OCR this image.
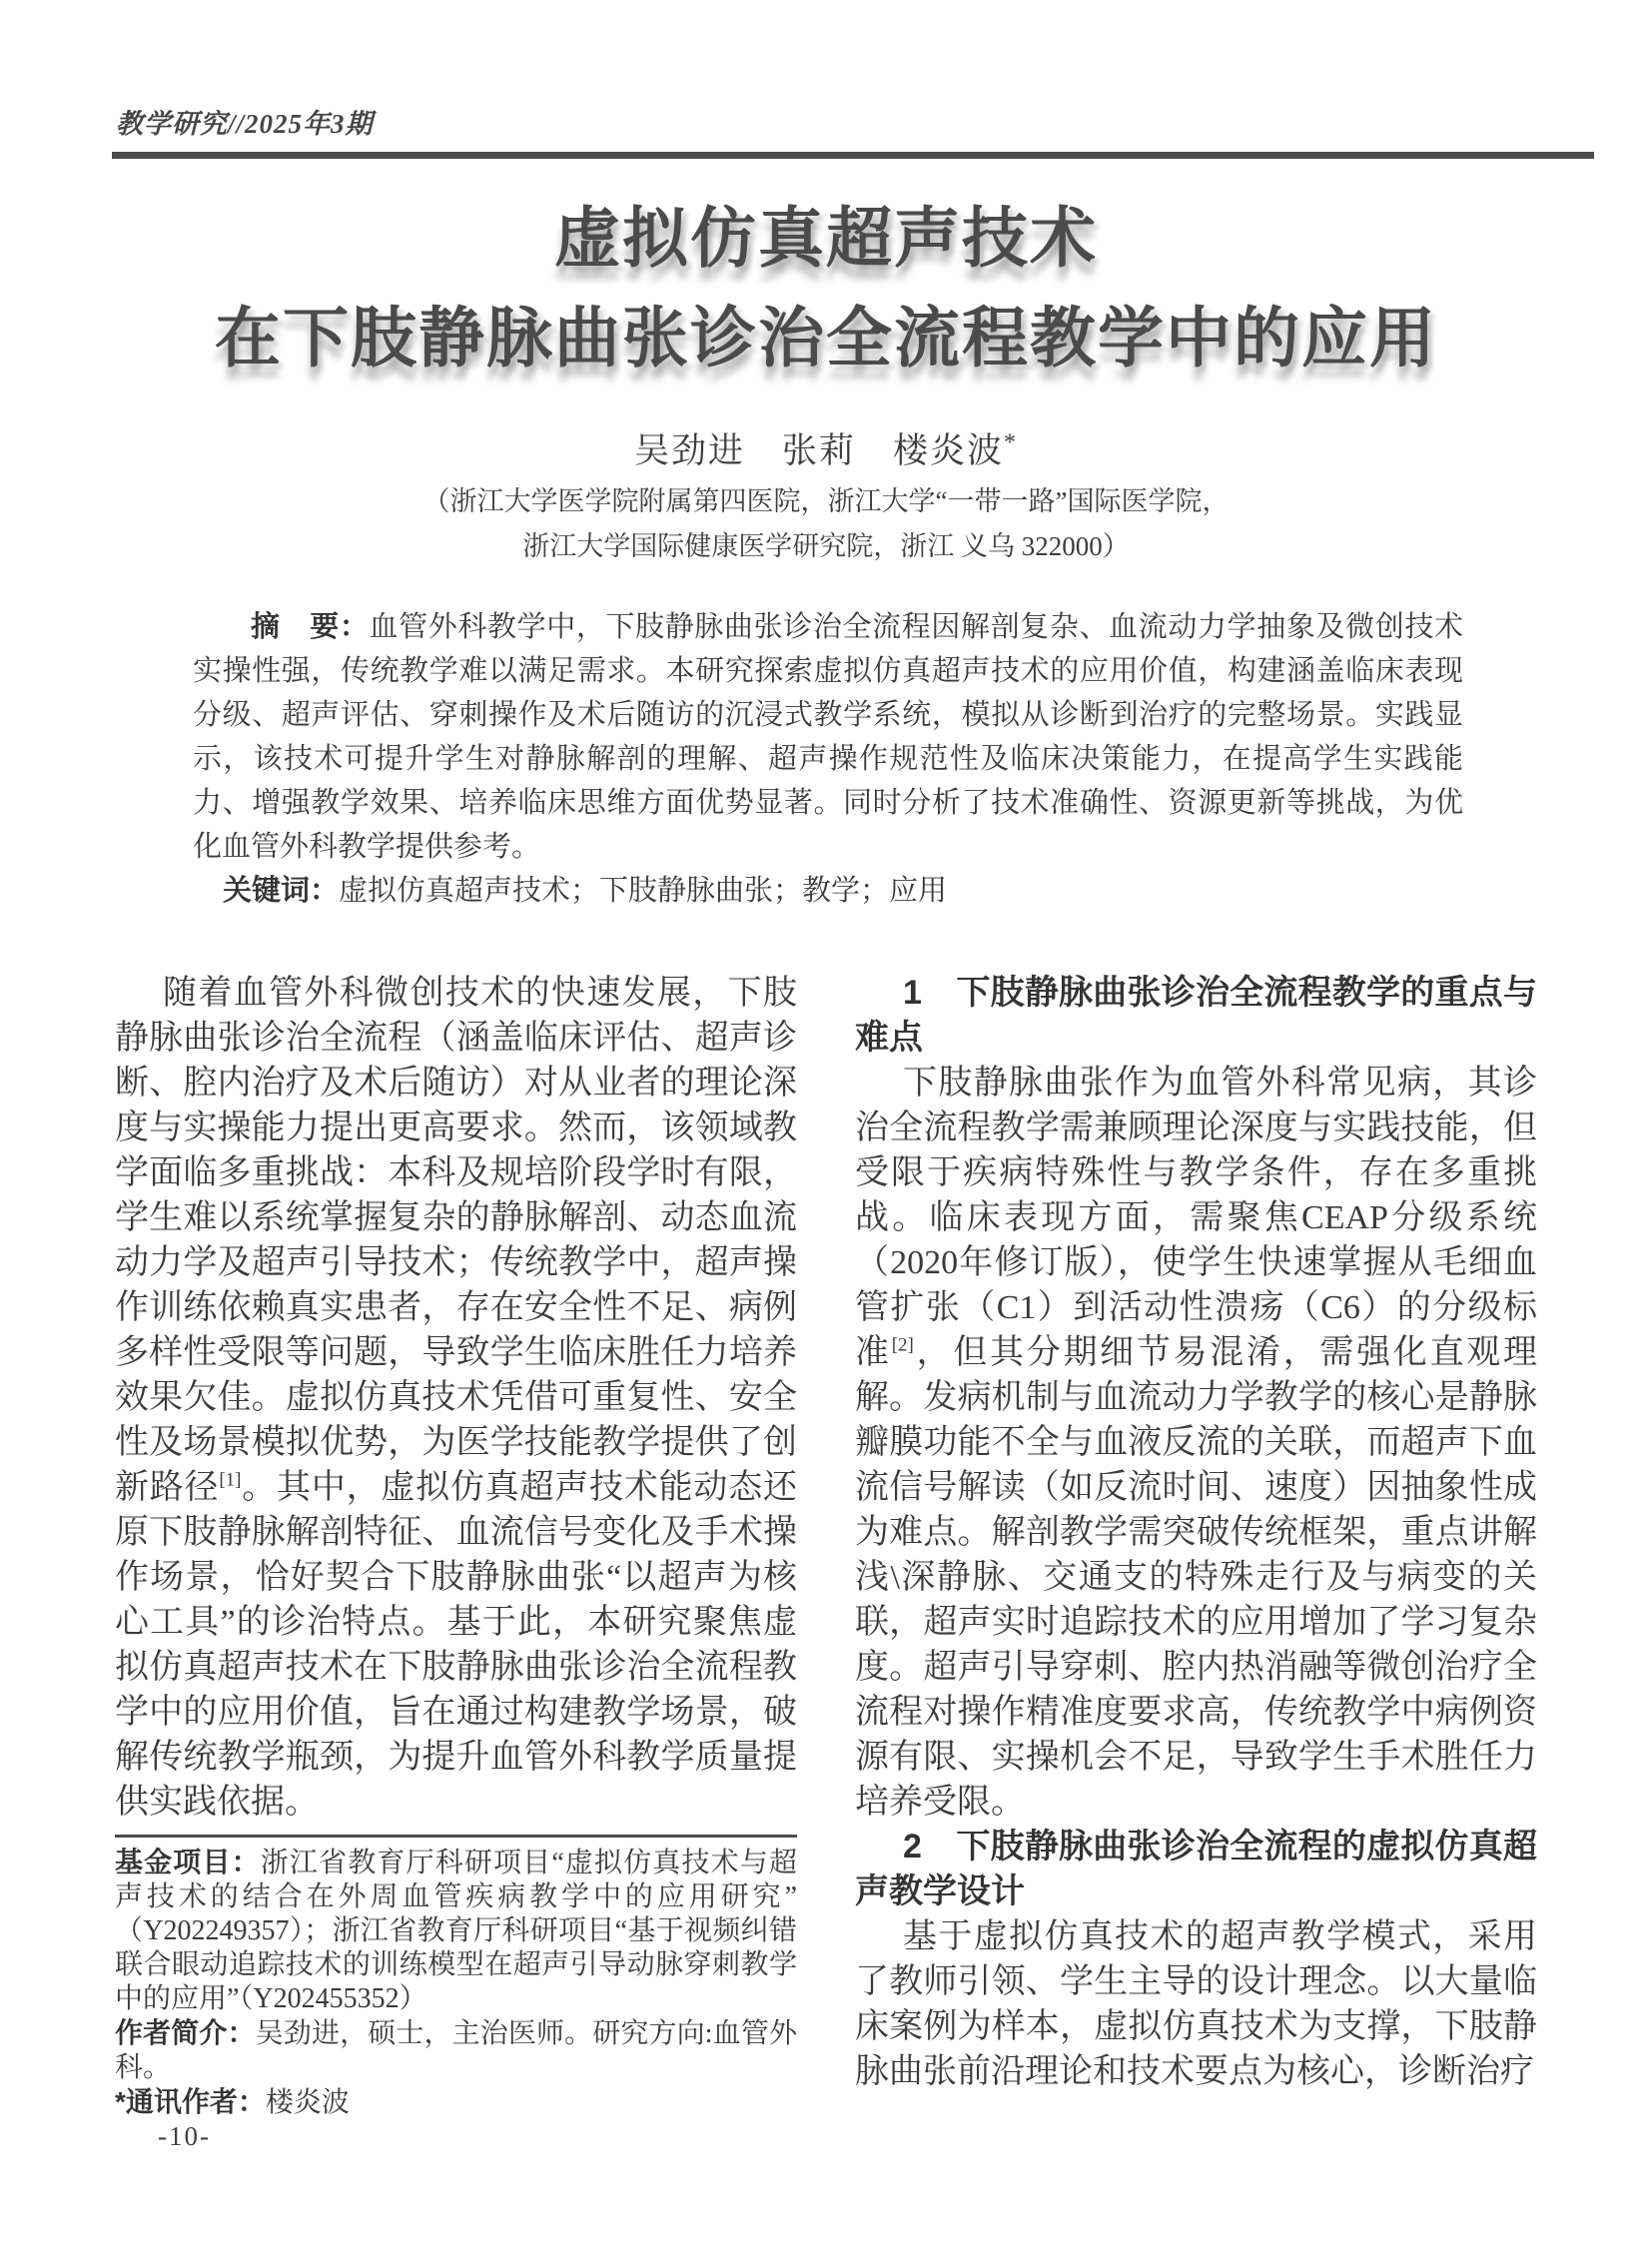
教学研究//2025年3期
虚拟仿真超声技术
在下肢静脉曲张诊治全流程教学中的应用
吴劲进　张莉　楼炎波*
（浙江大学医学院附属第四医院，浙江大学“一带一路”国际医学院，
浙江大学国际健康医学研究院，浙江 义乌 322000）

摘　要：血管外科教学中，下肢静脉曲张诊治全流程因解剖复杂、血流动力学抽象及微创技术实操性强，传统教学难以满足需求。本研究探索虚拟仿真超声技术的应用价值，构建涵盖临床表现分级、超声评估、穿刺操作及术后随访的沉浸式教学系统，模拟从诊断到治疗的完整场景。实践显示，该技术可提升学生对静脉解剖的理解、超声操作规范性及临床决策能力，在提高学生实践能力、增强教学效果、培养临床思维方面优势显著。同时分析了技术准确性、资源更新等挑战，为优化血管外科教学提供参考。

关键词：虚拟仿真超声技术；下肢静脉曲张；教学；应用

随着血管外科微创技术的快速发展，下肢静脉曲张诊治全流程（涵盖临床评估、超声诊断、腔内治疗及术后随访）对从业者的理论深度与实操能力提出更高要求。然而，该领域教学面临多重挑战：本科及规培阶段学时有限，学生难以系统掌握复杂的静脉解剖、动态血流动力学及超声引导技术；传统教学中，超声操作训练依赖真实患者，存在安全性不足、病例多样性受限等问题，导致学生临床胜任力培养效果欠佳。虚拟仿真技术凭借可重复性、安全性及场景模拟优势，为医学技能教学提供了创新路径[1]。其中，虚拟仿真超声技术能动态还原下肢静脉解剖特征、血流信号变化及手术操作场景，恰好契合下肢静脉曲张“以超声为核心工具”的诊治特点。基于此，本研究聚焦虚拟仿真超声技术在下肢静脉曲张诊治全流程教学中的应用价值，旨在通过构建教学场景，破解传统教学瓶颈，为提升血管外科教学质量提供实践依据。

基金项目：浙江省教育厅科研项目“虚拟仿真技术与超声技术的结合在外周血管疾病教学中的应用研究”（Y202249357）；浙江省教育厅科研项目“基于视频纠错联合眼动追踪技术的训练模型在超声引导动脉穿刺教学中的应用”（Y202455352）

作者简介：吴劲进，硕士，主治医师。研究方向:血管外科。

*通讯作者：楼炎波

1　下肢静脉曲张诊治全流程教学的重点与难点

下肢静脉曲张作为血管外科常见病，其诊治全流程教学需兼顾理论深度与实践技能，但受限于疾病特殊性与教学条件，存在多重挑战。临床表现方面，需聚焦CEAP分级系统（2020年修订版），使学生快速掌握从毛细血管扩张（C1）到活动性溃疡（C6）的分级标准[2]，但其分期细节易混淆，需强化直观理解。发病机制与血流动力学教学的核心是静脉瓣膜功能不全与血液反流的关联，而超声下血流信号解读（如反流时间、速度）因抽象性成为难点。解剖教学需突破传统框架，重点讲解浅\深静脉、交通支的特殊走行及与病变的关联，超声实时追踪技术的应用增加了学习复杂度。超声引导穿刺、腔内热消融等微创治疗全流程对操作精准度要求高，传统教学中病例资源有限、实操机会不足，导致学生手术胜任力培养受限。

2　下肢静脉曲张诊治全流程的虚拟仿真超声教学设计

基于虚拟仿真技术的超声教学模式，采用了教师引领、学生主导的设计理念。以大量临床案例为样本，虚拟仿真技术为支撑，下肢静脉曲张前沿理论和技术要点为核心，诊断治疗

-10-
